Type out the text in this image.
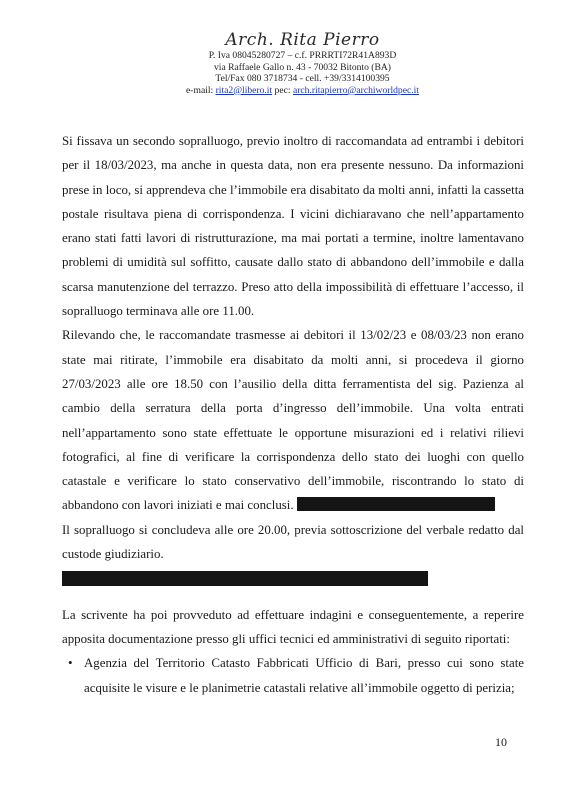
Arch. Rita Pierro
P. Iva 08045280727 – c.f. PRRRTI72R41A893D
via Raffaele Gallo n. 43 - 70032 Bitonto (BA)
Tel/Fax 080 3718734 - cell. +39/3314100395
e-mail: rita2@libero.it pec: arch.ritapierro@archiworldpec.it
Si fissava un secondo sopralluogo, previo inoltro di raccomandata ad entrambi i debitori per il 18/03/2023, ma anche in questa data, non era presente nessuno. Da informazioni prese in loco, si apprendeva che l’immobile era disabitato da molti anni, infatti la cassetta postale risultava piena di corrispondenza. I vicini dichiaravano che nell’appartamento erano stati fatti lavori di ristrutturazione, ma mai portati a termine, inoltre lamentavano problemi di umidità sul soffitto, causate dallo stato di abbandono dell’immobile e dalla scarsa manutenzione del terrazzo. Preso atto della impossibilità di effettuare l’accesso, il sopralluogo terminava alle ore 11.00.
Rilevando che, le raccomandate trasmesse ai debitori il 13/02/23 e 08/03/23 non erano state mai ritirate, l’immobile era disabitato da molti anni, si procedeva il giorno 27/03/2023 alle ore 18.50 con l’ausilio della ditta ferramentista del sig. Pazienza al cambio della serratura della porta d’ingresso dell’immobile. Una volta entrati nell’appartamento sono state effettuate le opportune misurazioni ed i relativi rilievi fotografici, al fine di verificare la corrispondenza dello stato dei luoghi con quello catastale e verificare lo stato conservativo dell’immobile, riscontrando lo stato di abbandono con lavori iniziati e mai conclusi.
Il sopralluogo si concludeva alle ore 20.00, previa sottoscrizione del verbale redatto dal custode giudiziario.
La scrivente ha poi provveduto ad effettuare indagini e conseguentemente, a reperire apposita documentazione presso gli uffici tecnici ed amministrativi di seguito riportati:
• Agenzia del Territorio Catasto Fabbricati Ufficio di Bari, presso cui sono state acquisite le visure e le planimetrie catastali relative all’immobile oggetto di perizia;
10
